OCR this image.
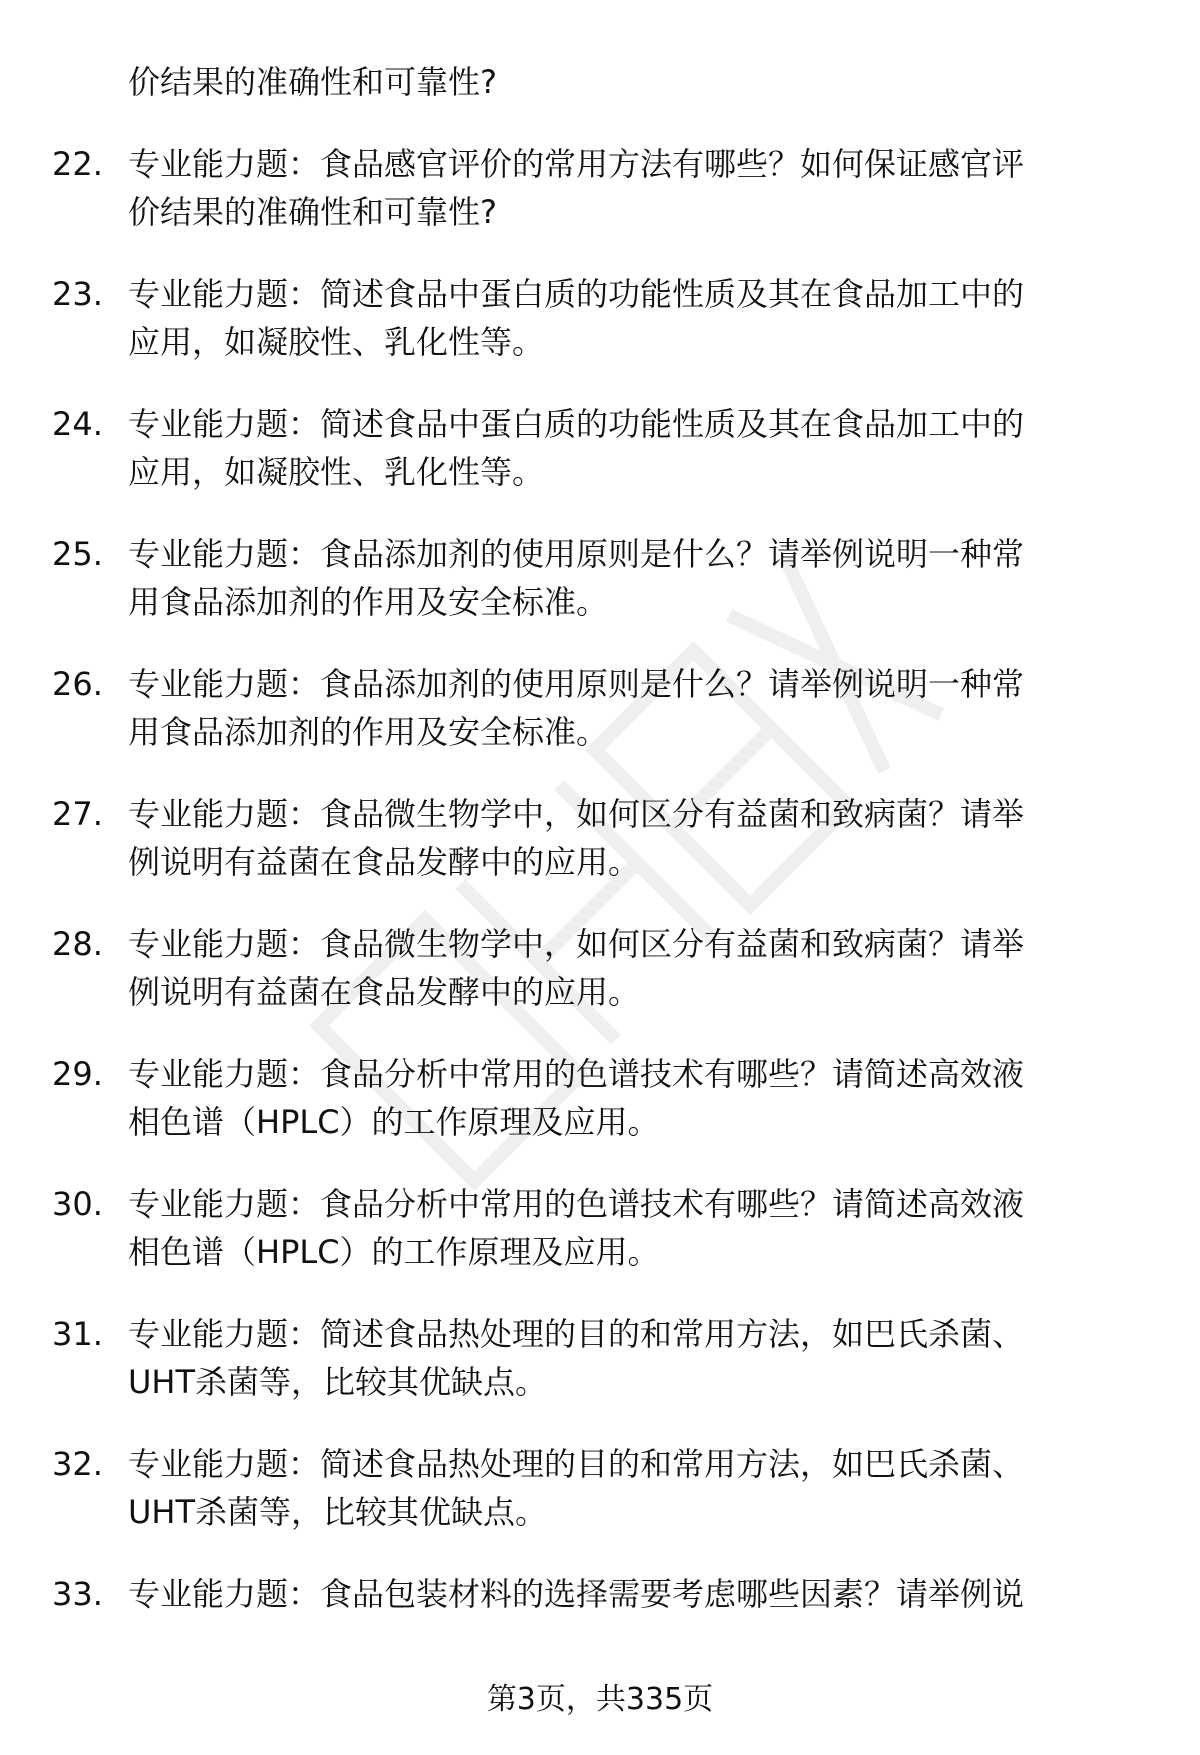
价结果的准确性和可靠性?
22. 专业能力题：食品感官评价的常用方法有哪些？如何保证感官评
价结果的准确性和可靠性?
23. 专业能力题：简述食品中蛋白质的功能性质及其在食品加工中的
应用，如凝胶性、乳化性等。
24. 专业能力题：简述食品中蛋白质的功能性质及其在食品加工中的
应用，如凝胶性、乳化性等。
25. 专业能力题：食品添加剂的使用原则是什么？请举例说明一种常
用食品添加剂的作用及安全标准。
26. 专业能力题：食品添加剂的使用原则是什么？请举例说明一种常
用食品添加剂的作用及安全标准。
27. 专业能力题：食品微生物学中，如何区分有益菌和致病菌？请举
例说明有益菌在食品发酵中的应用。
28. 专业能力题：食品微生物学中，如何区分有益菌和致病菌？请举
例说明有益菌在食品发酵中的应用。
29. 专业能力题：食品分析中常用的色谱技术有哪些？请简述高效液
相色谱（HPLC）的工作原理及应用。
30. 专业能力题：食品分析中常用的色谱技术有哪些？请简述高效液
相色谱（HPLC）的工作原理及应用。
31. 专业能力题：简述食品热处理的目的和常用方法，如巴氏杀菌、
UHT杀菌等，比较其优缺点。
32. 专业能力题：简述食品热处理的目的和常用方法，如巴氏杀菌、
UHT杀菌等，比较其优缺点。
33. 专业能力题：食品包装材料的选择需要考虑哪些因素？请举例说
第3页，共335页
